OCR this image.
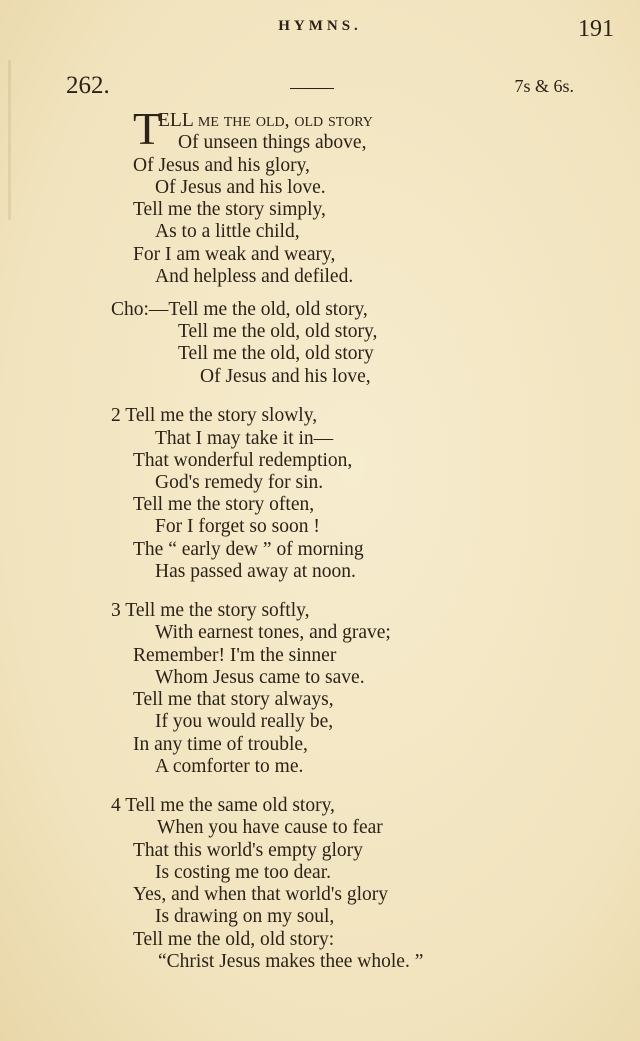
HYMNS.	191
262.	7s & 6s.
T
ELL me the old, old story
Of unseen things above,
Of Jesus and his glory,
Of Jesus and his love.
Tell me the story simply,
As to a little child,
For I am weak and weary,
And helpless and defiled.
Cho:—Tell me the old, old story,
Tell me the old, old story,
Tell me the old, old story
Of Jesus and his love,
2 Tell me the story slowly,
That I may take it in—
That wonderful redemption,
God's remedy for sin.
Tell me the story often,
For I forget so soon !
The “ early dew ” of morning
Has passed away at noon.
3 Tell me the story softly,
With earnest tones, and grave;
Remember! I'm the sinner
Whom Jesus came to save.
Tell me that story always,
If you would really be,
In any time of trouble,
A comforter to me.
4 Tell me the same old story,
When you have cause to fear
That this world's empty glory
Is costing me too dear.
Yes, and when that world's glory
Is drawing on my soul,
Tell me the old, old story:
“Christ Jesus makes thee whole. ”
